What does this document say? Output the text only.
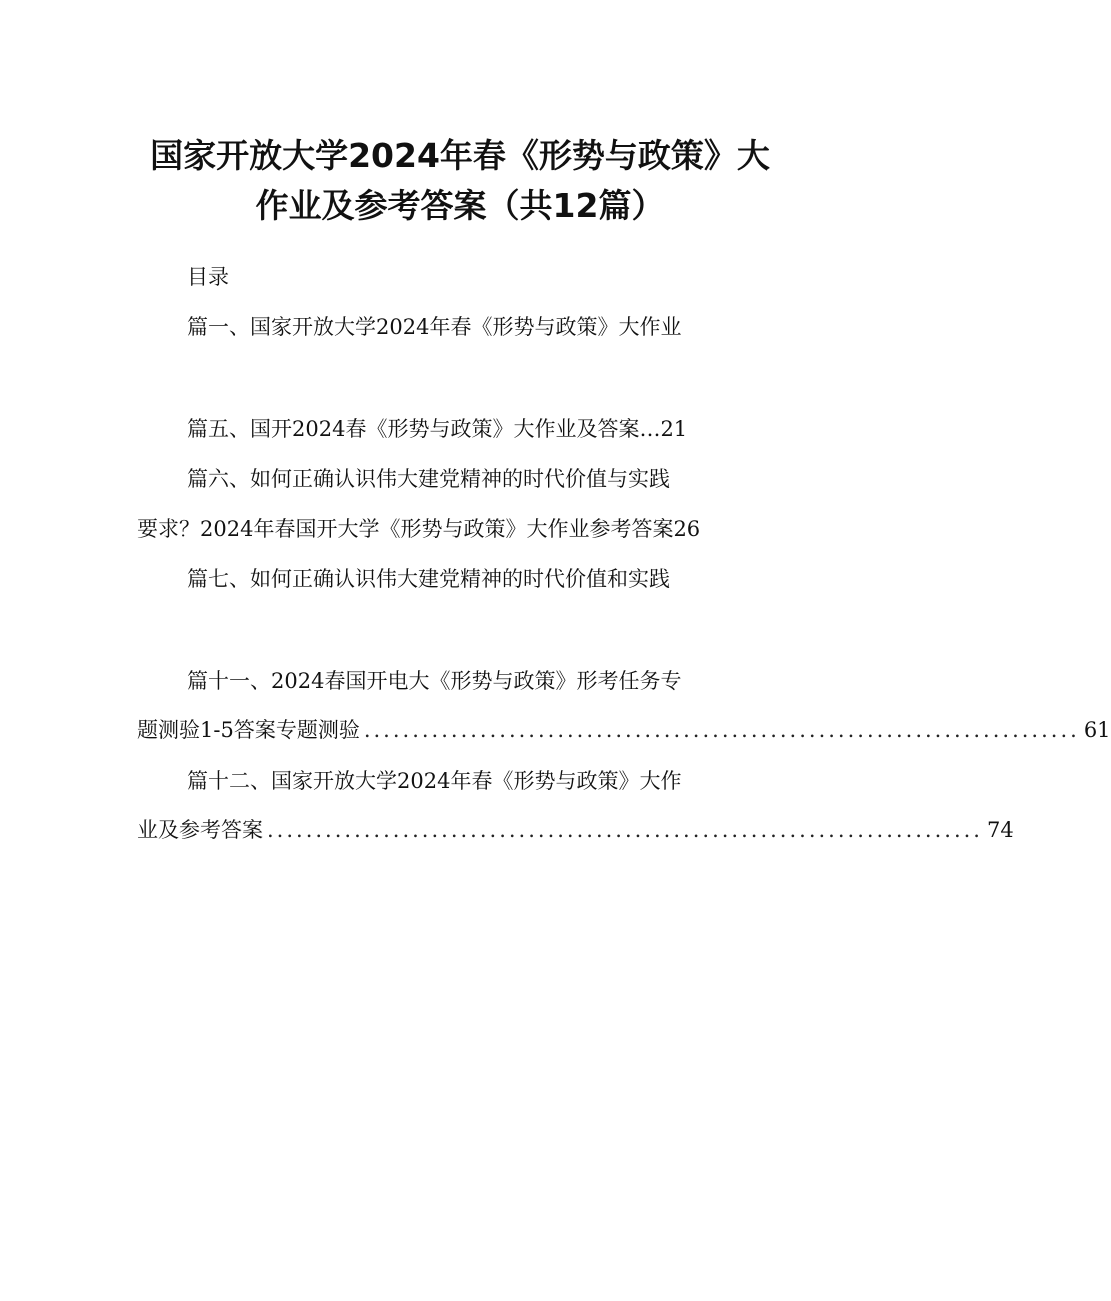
国家开放大学2024年春《形势与政策》大
作业及参考答案（共12篇）
目录
篇一、国家开放大学2024年春《形势与政策》大作业
篇五、国开2024春《形势与政策》大作业及答案…21
篇六、如何正确认识伟大建党精神的时代价值与实践
要求？2024年春国开大学《形势与政策》大作业参考答案26
篇七、如何正确认识伟大建党精神的时代价值和实践
篇十一、2024春国开电大《形势与政策》形考任务专
题测验1-5答案专题测验 .......................................................................... 61
篇十二、国家开放大学2024年春《形势与政策》大作
业及参考答案 .......................................................................... 74
